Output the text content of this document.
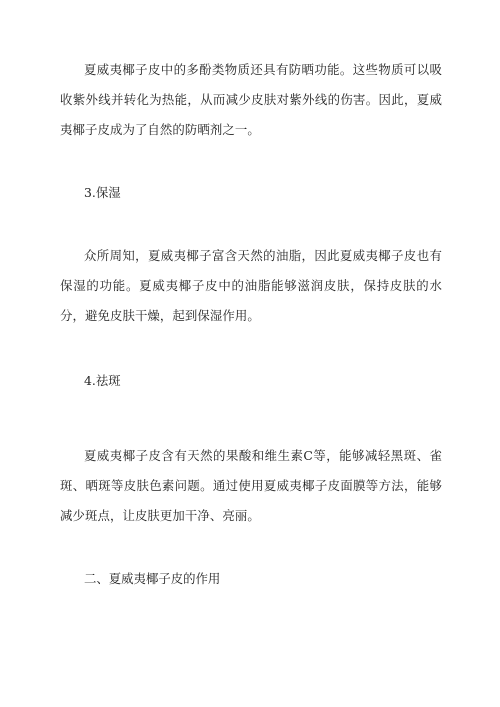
夏威夷椰子皮中的多酚类物质还具有防晒功能。这些物质可以吸收紫外线并转化为热能，从而减少皮肤对紫外线的伤害。因此，夏威夷椰子皮成为了自然的防晒剂之一。

3.保湿

众所周知，夏威夷椰子富含天然的油脂，因此夏威夷椰子皮也有保湿的功能。夏威夷椰子皮中的油脂能够滋润皮肤，保持皮肤的水分，避免皮肤干燥，起到保湿作用。

4.祛斑

夏威夷椰子皮含有天然的果酸和维生素C等，能够减轻黑斑、雀斑、晒斑等皮肤色素问题。通过使用夏威夷椰子皮面膜等方法，能够减少斑点，让皮肤更加干净、亮丽。

二、夏威夷椰子皮的作用
